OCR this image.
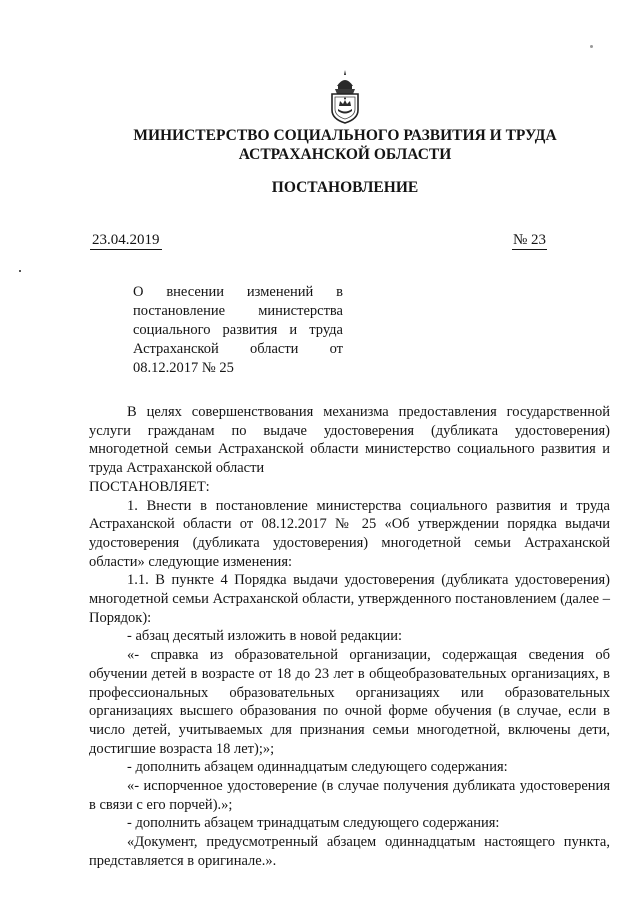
МИНИСТЕРСТВО СОЦИАЛЬНОГО РАЗВИТИЯ И ТРУДА АСТРАХАНСКОЙ ОБЛАСТИ
ПОСТАНОВЛЕНИЕ
23.04.2019	№ 23
О внесении изменений в постановление министерства социального развития и труда Астраханской области от 08.12.2017 № 25

В целях совершенствования механизма предоставления государственной услуги гражданам по выдаче удостоверения (дубликата удостоверения) многодетной семьи Астраханской области министерство социального развития и труда Астраханской области

ПОСТАНОВЛЯЕТ:

1. Внести в постановление министерства социального развития и труда Астраханской области от 08.12.2017 № 25 «Об утверждении порядка выдачи удостоверения (дубликата удостоверения) многодетной семьи Астраханской области» следующие изменения:

1.1. В пункте 4 Порядка выдачи удостоверения (дубликата удостоверения) многодетной семьи Астраханской области, утвержденного постановлением (далее – Порядок):

- абзац десятый изложить в новой редакции:

«- справка из образовательной организации, содержащая сведения об обучении детей в возрасте от 18 до 23 лет в общеобразовательных организациях, в профессиональных образовательных организациях или образовательных организациях высшего образования по очной форме обучения (в случае, если в число детей, учитываемых для признания семьи многодетной, включены дети, достигшие возраста 18 лет);»;

- дополнить абзацем одиннадцатым следующего содержания:

«- испорченное удостоверение (в случае получения дубликата удостоверения в связи с его порчей).»;

- дополнить абзацем тринадцатым следующего содержания:

«Документ, предусмотренный абзацем одиннадцатым настоящего пункта, представляется в оригинале.».
